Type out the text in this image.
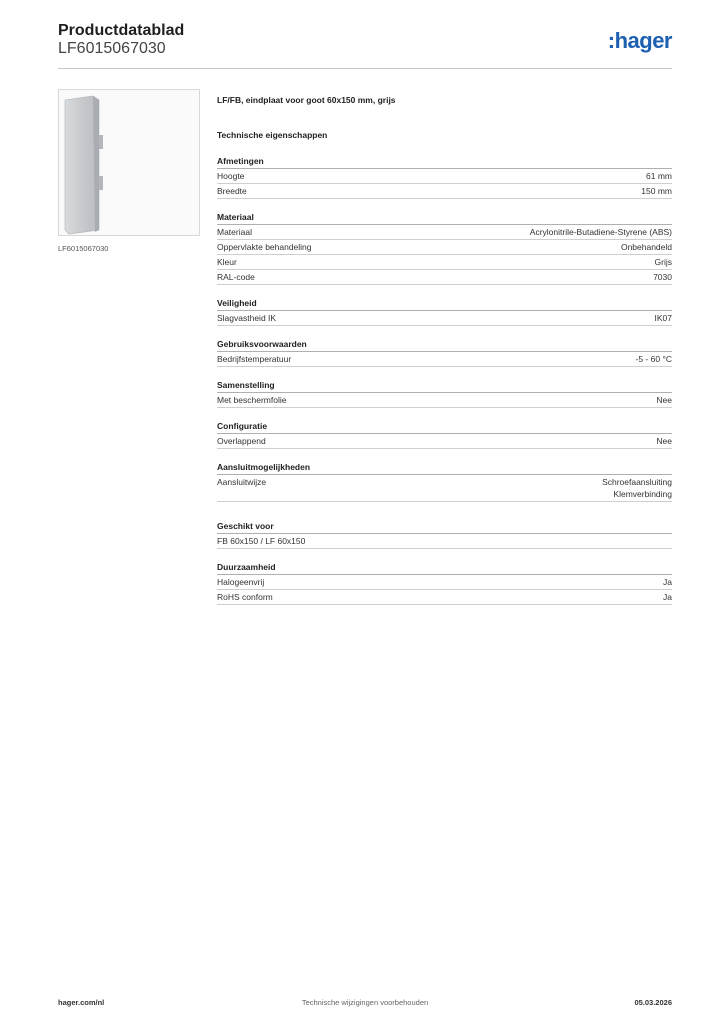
Productdatablad
LF6015067030	:hager
LF6015067030
LF/FB, eindplaat voor goot 60x150 mm, grijs
Technische eigenschappen
Afmetingen
Hoogte	61 mm
Breedte	150 mm
Materiaal
Materiaal	Acrylonitrile-Butadiene-Styrene (ABS)
Oppervlakte behandeling	Onbehandeld
Kleur	Grijs
RAL-code	7030
Veiligheid
Slagvastheid IK	IK07
Gebruiksvoorwaarden
Bedrijfstemperatuur	-5 - 60 °C
Samenstelling
Met beschermfolie	Nee
Configuratie
Overlappend	Nee
Aansluitmogelijkheden
Aansluitwijze	Schroefaansluiting
Klemverbinding
Geschikt voor
FB 60x150 / LF 60x150
Duurzaamheid
Halogeenvrij	Ja
RoHS conform	Ja
hager.com/nl	Technische wijzigingen voorbehouden	05.03.2026
